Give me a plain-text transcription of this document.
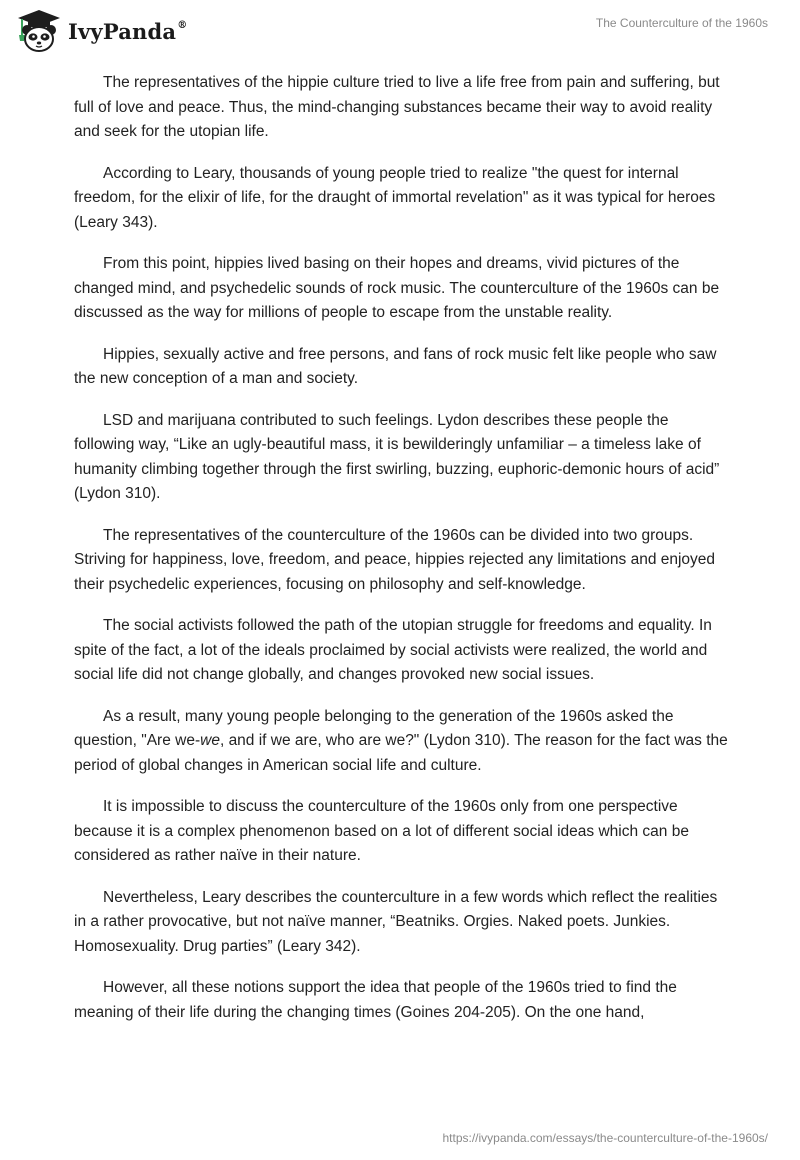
IvyPanda®	The Counterculture of the 1960s

The representatives of the hippie culture tried to live a life free from pain and suffering, but full of love and peace. Thus, the mind-changing substances became their way to avoid reality and seek for the utopian life.

According to Leary, thousands of young people tried to realize "the quest for internal freedom, for the elixir of life, for the draught of immortal revelation" as it was typical for heroes (Leary 343).

From this point, hippies lived basing on their hopes and dreams, vivid pictures of the changed mind, and psychedelic sounds of rock music. The counterculture of the 1960s can be discussed as the way for millions of people to escape from the unstable reality.

Hippies, sexually active and free persons, and fans of rock music felt like people who saw the new conception of a man and society.

LSD and marijuana contributed to such feelings. Lydon describes these people the following way, “Like an ugly-beautiful mass, it is bewilderingly unfamiliar – a timeless lake of humanity climbing together through the first swirling, buzzing, euphoric-demonic hours of acid” (Lydon 310).

The representatives of the counterculture of the 1960s can be divided into two groups. Striving for happiness, love, freedom, and peace, hippies rejected any limitations and enjoyed their psychedelic experiences, focusing on philosophy and self-knowledge.

The social activists followed the path of the utopian struggle for freedoms and equality. In spite of the fact, a lot of the ideals proclaimed by social activists were realized, the world and social life did not change globally, and changes provoked new social issues.

As a result, many young people belonging to the generation of the 1960s asked the question, "Are we-we, and if we are, who are we?" (Lydon 310). The reason for the fact was the period of global changes in American social life and culture.

It is impossible to discuss the counterculture of the 1960s only from one perspective because it is a complex phenomenon based on a lot of different social ideas which can be considered as rather naïve in their nature.

Nevertheless, Leary describes the counterculture in a few words which reflect the realities in a rather provocative, but not naïve manner, “Beatniks. Orgies. Naked poets. Junkies. Homosexuality. Drug parties” (Leary 342).

However, all these notions support the idea that people of the 1960s tried to find the meaning of their life during the changing times (Goines 204-205). On the one hand,

https://ivypanda.com/essays/the-counterculture-of-the-1960s/
